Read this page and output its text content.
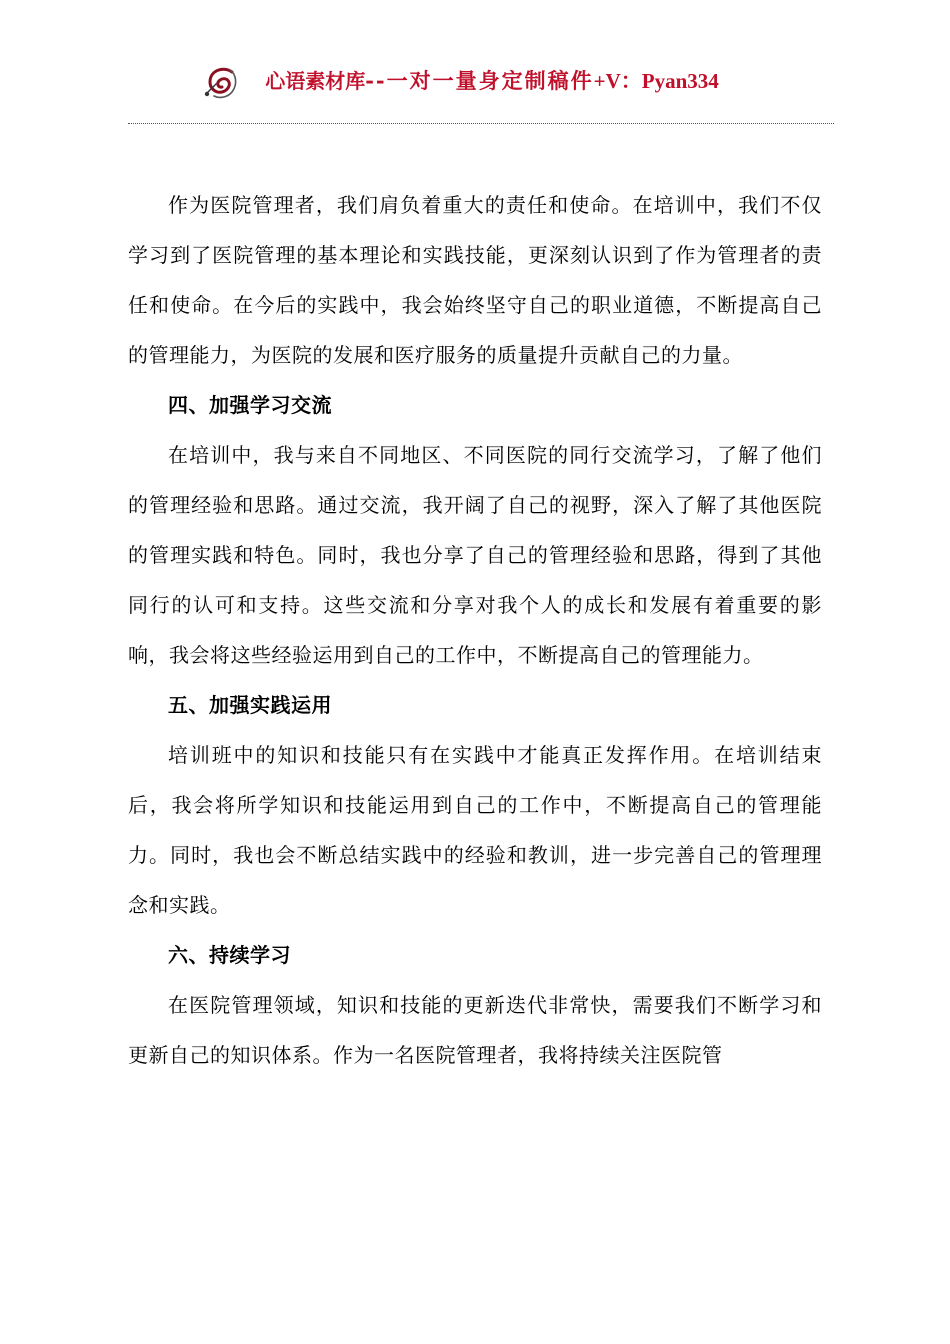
心语素材库--一对一量身定制稿件+V：Pyan334

作为医院管理者，我们肩负着重大的责任和使命。在培训中，我们不仅学习到了医院管理的基本理论和实践技能，更深刻认识到了作为管理者的责任和使命。在今后的实践中，我会始终坚守自己的职业道德，不断提高自己的管理能力，为医院的发展和医疗服务的质量提升贡献自己的力量。

四、加强学习交流

在培训中，我与来自不同地区、不同医院的同行交流学习，了解了他们的管理经验和思路。通过交流，我开阔了自己的视野，深入了解了其他医院的管理实践和特色。同时，我也分享了自己的管理经验和思路，得到了其他同行的认可和支持。这些交流和分享对我个人的成长和发展有着重要的影响，我会将这些经验运用到自己的工作中，不断提高自己的管理能力。

五、加强实践运用

培训班中的知识和技能只有在实践中才能真正发挥作用。在培训结束后，我会将所学知识和技能运用到自己的工作中，不断提高自己的管理能力。同时，我也会不断总结实践中的经验和教训，进一步完善自己的管理理念和实践。

六、持续学习

在医院管理领域，知识和技能的更新迭代非常快，需要我们不断学习和更新自己的知识体系。作为一名医院管理者，我将持续关注医院管
